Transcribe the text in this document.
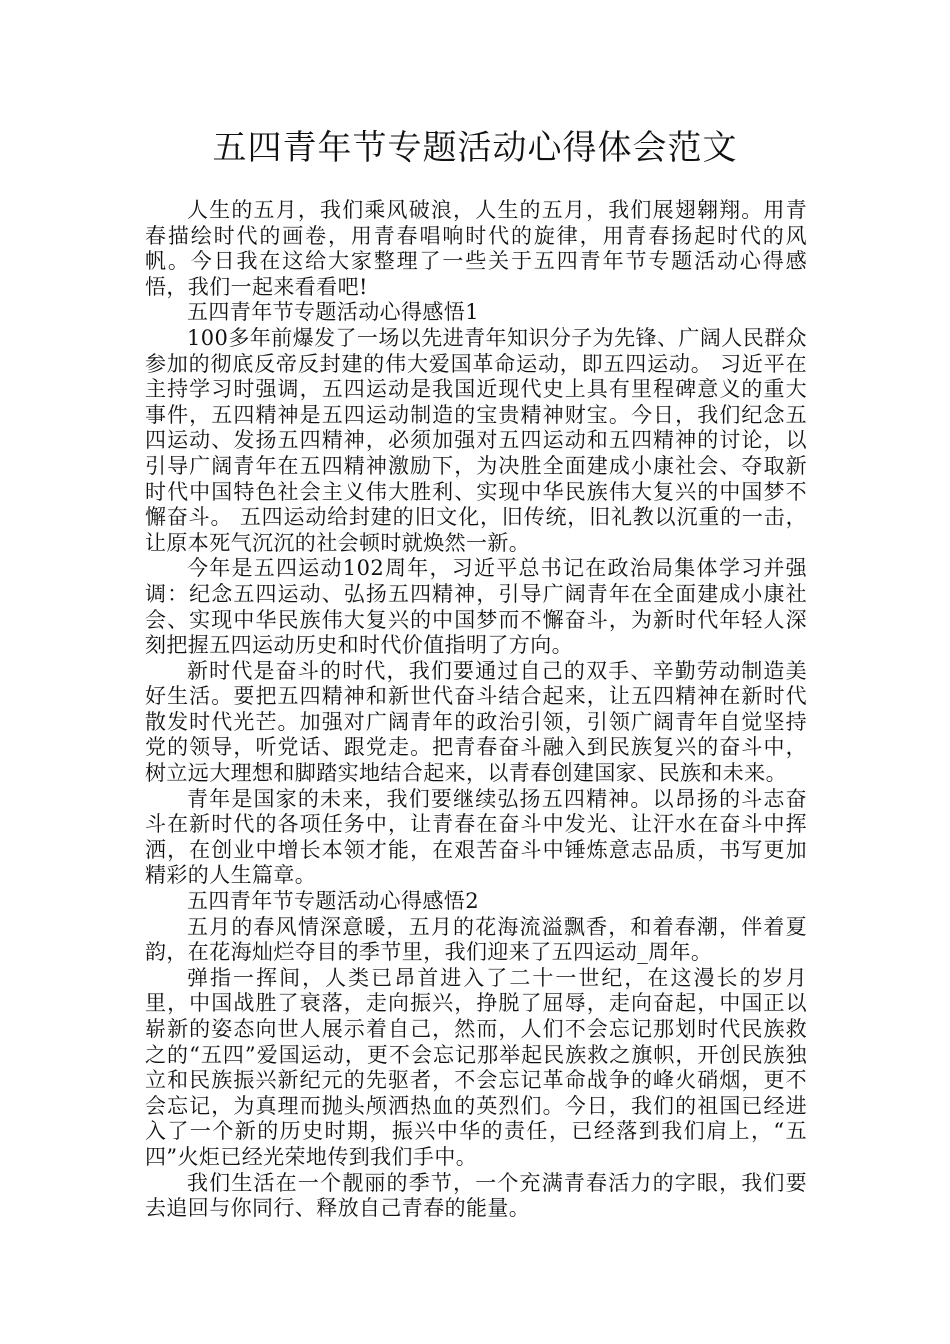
五四青年节专题活动心得体会范文

人生的五月，我们乘风破浪，人生的五月，我们展翅翱翔。用青春描绘时代的画卷，用青春唱响时代的旋律，用青春扬起时代的风帆。今日我在这给大家整理了一些关于五四青年节专题活动心得感悟，我们一起来看看吧!

五四青年节专题活动心得感悟1

100多年前爆发了一场以先进青年知识分子为先锋、广阔人民群众参加的彻底反帝反封建的伟大爱国革命运动，即五四运动。 习近平在主持学习时强调，五四运动是我国近现代史上具有里程碑意义的重大事件，五四精神是五四运动制造的宝贵精神财宝。今日，我们纪念五四运动、发扬五四精神，必须加强对五四运动和五四精神的讨论，以引导广阔青年在五四精神激励下，为决胜全面建成小康社会、夺取新时代中国特色社会主义伟大胜利、实现中华民族伟大复兴的中国梦不懈奋斗。 五四运动给封建的旧文化，旧传统，旧礼教以沉重的一击，让原本死气沉沉的社会顿时就焕然一新。

今年是五四运动102周年，习近平总书记在政治局集体学习并强调：纪念五四运动、弘扬五四精神，引导广阔青年在全面建成小康社会、实现中华民族伟大复兴的中国梦而不懈奋斗，为新时代年轻人深刻把握五四运动历史和时代价值指明了方向。

新时代是奋斗的时代，我们要通过自己的双手、辛勤劳动制造美好生活。要把五四精神和新世代奋斗结合起来，让五四精神在新时代散发时代光芒。加强对广阔青年的政治引领，引领广阔青年自觉坚持党的领导，听党话、跟党走。把青春奋斗融入到民族复兴的奋斗中，树立远大理想和脚踏实地结合起来，以青春创建国家、民族和未来。

青年是国家的未来，我们要继续弘扬五四精神。以昂扬的斗志奋斗在新时代的各项任务中，让青春在奋斗中发光、让汗水在奋斗中挥洒，在创业中增长本领才能，在艰苦奋斗中锤炼意志品质，书写更加精彩的人生篇章。

五四青年节专题活动心得感悟2

五月的春风情深意暖，五月的花海流溢飘香，和着春潮，伴着夏韵，在花海灿烂夺目的季节里，我们迎来了五四运动_周年。

弹指一挥间，人类已昂首进入了二十一世纪，在这漫长的岁月里，中国战胜了衰落，走向振兴，挣脱了屈辱，走向奋起，中国正以崭新的姿态向世人展示着自己，然而，人们不会忘记那划时代民族救之的“五四”爱国运动，更不会忘记那举起民族救之旗帜，开创民族独立和民族振兴新纪元的先驱者，不会忘记革命战争的峰火硝烟，更不会忘记，为真理而抛头颅洒热血的英烈们。今日，我们的祖国已经进入了一个新的历史时期，振兴中华的责任，已经落到我们肩上，“五四”火炬已经光荣地传到我们手中。

我们生活在一个靓丽的季节，一个充满青春活力的字眼，我们要去追回与你同行、释放自己青春的能量。
